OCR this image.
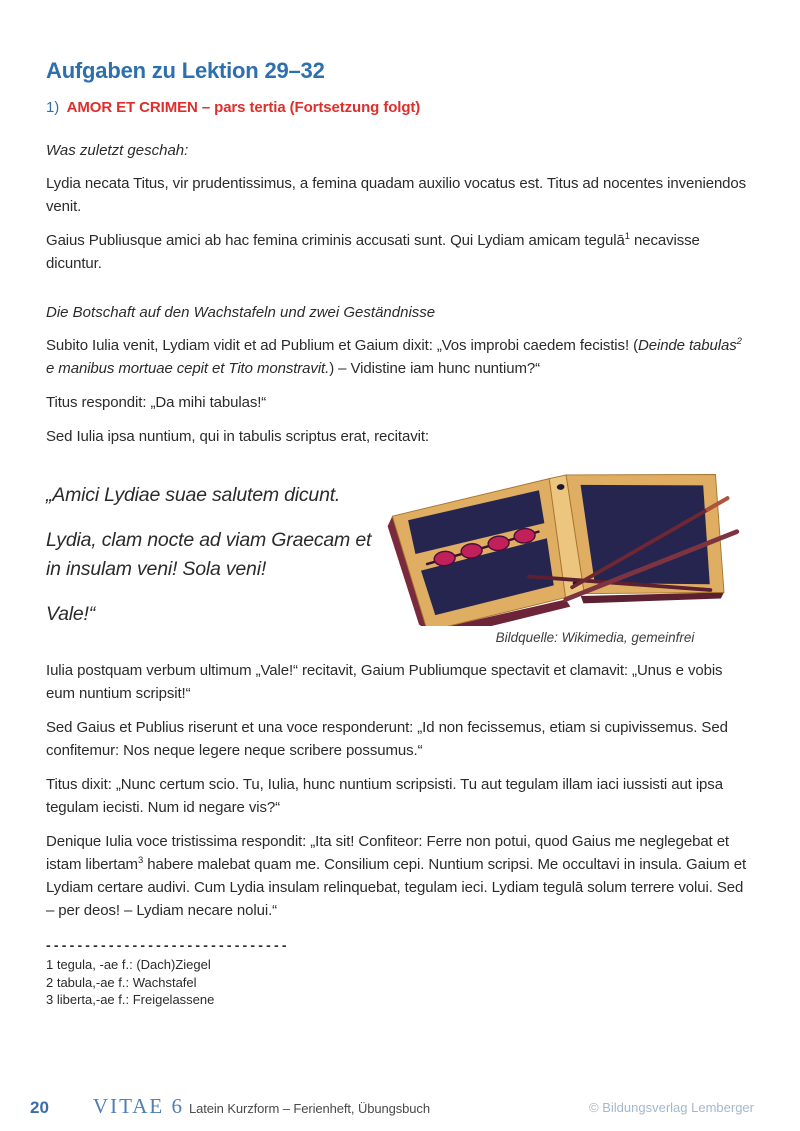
Aufgaben zu Lektion 29–32
1) AMOR ET CRIMEN – pars tertia (Fortsetzung folgt)

Was zuletzt geschah:

Lydia necata Titus, vir prudentissimus, a femina quadam auxilio vocatus est. Titus ad nocentes inveniendos venit.

Gaius Publiusque amici ab hac femina criminis accusati sunt. Qui Lydiam amicam tegulā$^1$ necavisse dicuntur.

Die Botschaft auf den Wachstafeln und zwei Geständnisse

Subito Iulia venit, Lydiam vidit et ad Publium et Gaium dixit: „Vos improbi caedem fecistis! (Deinde tabulas$^2$ e manibus mortuae cepit et Tito monstravit.) – Vidistine iam hunc nuntium?“

Titus respondit: „Da mihi tabulas!“

Sed Iulia ipsa nuntium, qui in tabulis scriptus erat, recitavit:

„Amici Lydiae suae salutem dicunt.

Lydia, clam nocte ad viam Graecam et in insulam veni! Sola veni!

Vale!“

Bildquelle: Wikimedia, gemeinfrei

Iulia postquam verbum ultimum „Vale!“ recitavit, Gaium Publiumque spectavit et clamavit: „Unus e vobis eum nuntium scripsit!“

Sed Gaius et Publius riserunt et una voce responderunt: „Id non fecissemus, etiam si cupivissemus. Sed confitemur: Nos neque legere neque scribere possumus.“

Titus dixit: „Nunc certum scio. Tu, Iulia, hunc nuntium scripsisti. Tu aut tegulam illam iaci iussisti aut ipsa tegulam iecisti. Num id negare vis?“

Denique Iulia voce tristissima respondit: „Ita sit! Confiteor: Ferre non potui, quod Gaius me neglegebat et istam libertam$^3$ habere malebat quam me. Consilium cepi. Nuntium scripsi. Me occultavi in insula. Gaium et Lydiam certare audivi. Cum Lydia insulam relinquebat, tegulam ieci. Lydiam tegulā solum terrere volui. Sed – per deos! – Lydiam necare nolui.“

-------------------------------
1 tegula, -ae f.: (Dach)Ziegel
2 tabula,-ae f.: Wachstafel
3 liberta,-ae f.: Freigelassene
20 VITAE 6 Latein Kurzform – Ferienheft, Übungsbuch	© Bildungsverlag Lemberger
